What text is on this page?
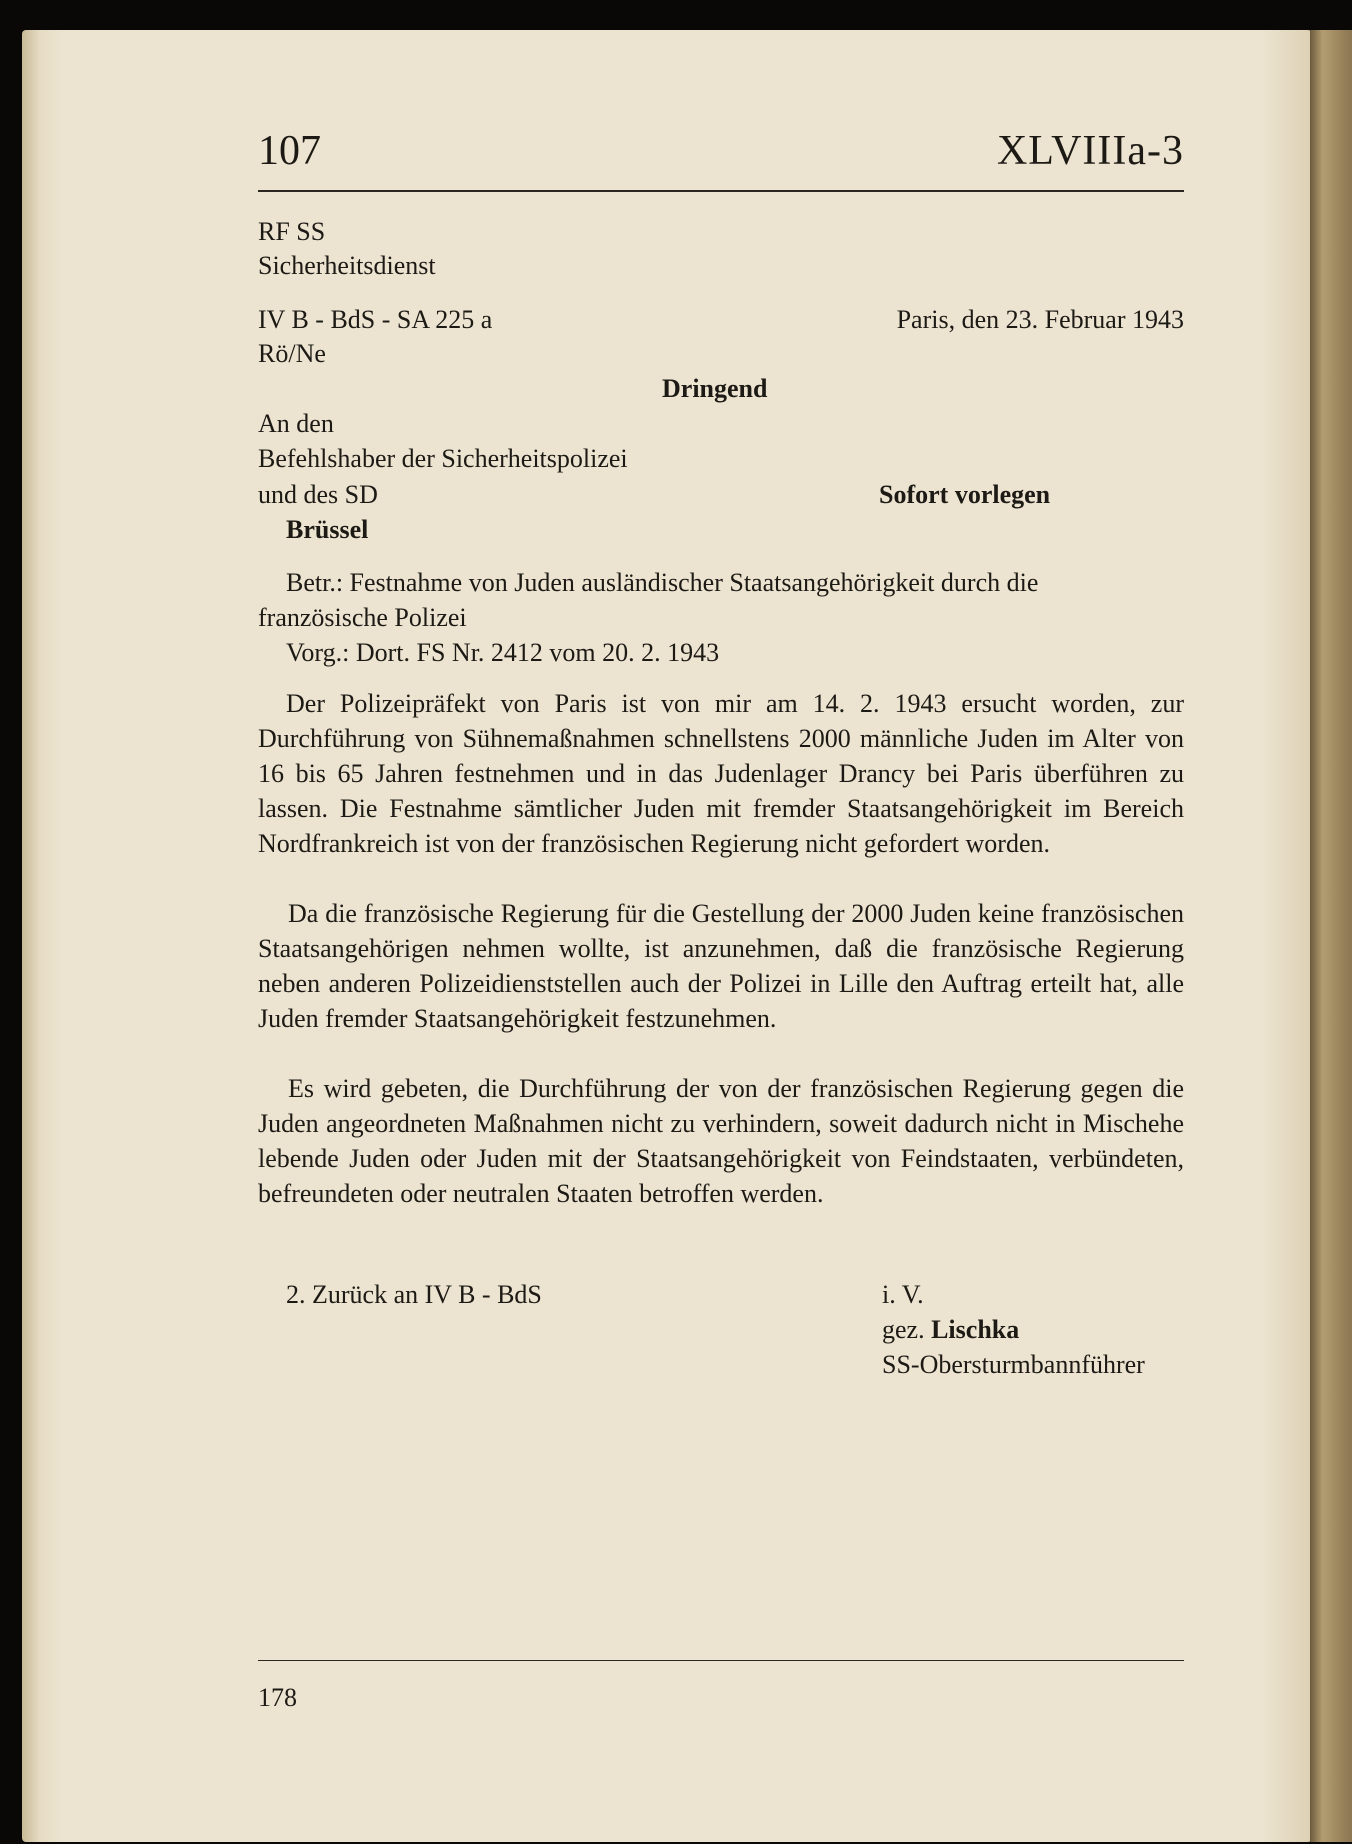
107	XLVIIIa-3
RF SS
Sicherheitsdienst
IV B - BdS - SA 225 a
Rö/Ne
Paris, den 23. Februar 1943
Dringend
An den
Befehlshaber der Sicherheitspolizei
und des SD
Brüssel
Sofort vorlegen
Betr.: Festnahme von Juden ausländischer Staatsangehörigkeit durch die
französische Polizei
Vorg.: Dort. FS Nr. 2412 vom 20. 2. 1943
Der Polizeipräfekt von Paris ist von mir am 14. 2. 1943 ersucht worden, zur Durchführung von Sühnemaßnahmen schnellstens 2000 männliche Juden im Alter von 16 bis 65 Jahren festnehmen und in das Judenlager Drancy bei Paris überführen zu lassen. Die Festnahme sämtlicher Juden mit fremder Staatsangehörigkeit im Bereich Nordfrankreich ist von der französischen Regierung nicht gefordert worden.
Da die französische Regierung für die Gestellung der 2000 Juden keine französischen Staatsangehörigen nehmen wollte, ist anzunehmen, daß die französische Regierung neben anderen Polizeidienststellen auch der Polizei in Lille den Auftrag erteilt hat, alle Juden fremder Staatsangehörigkeit festzunehmen.
Es wird gebeten, die Durchführung der von der französischen Regierung gegen die Juden angeordneten Maßnahmen nicht zu verhindern, soweit dadurch nicht in Mischehe lebende Juden oder Juden mit der Staatsangehörigkeit von Feindstaaten, verbündeten, befreundeten oder neutralen Staaten betroffen werden.
2. Zurück an IV B - BdS	i. V.
gez. Lischka
SS-Obersturmbannführer
178
